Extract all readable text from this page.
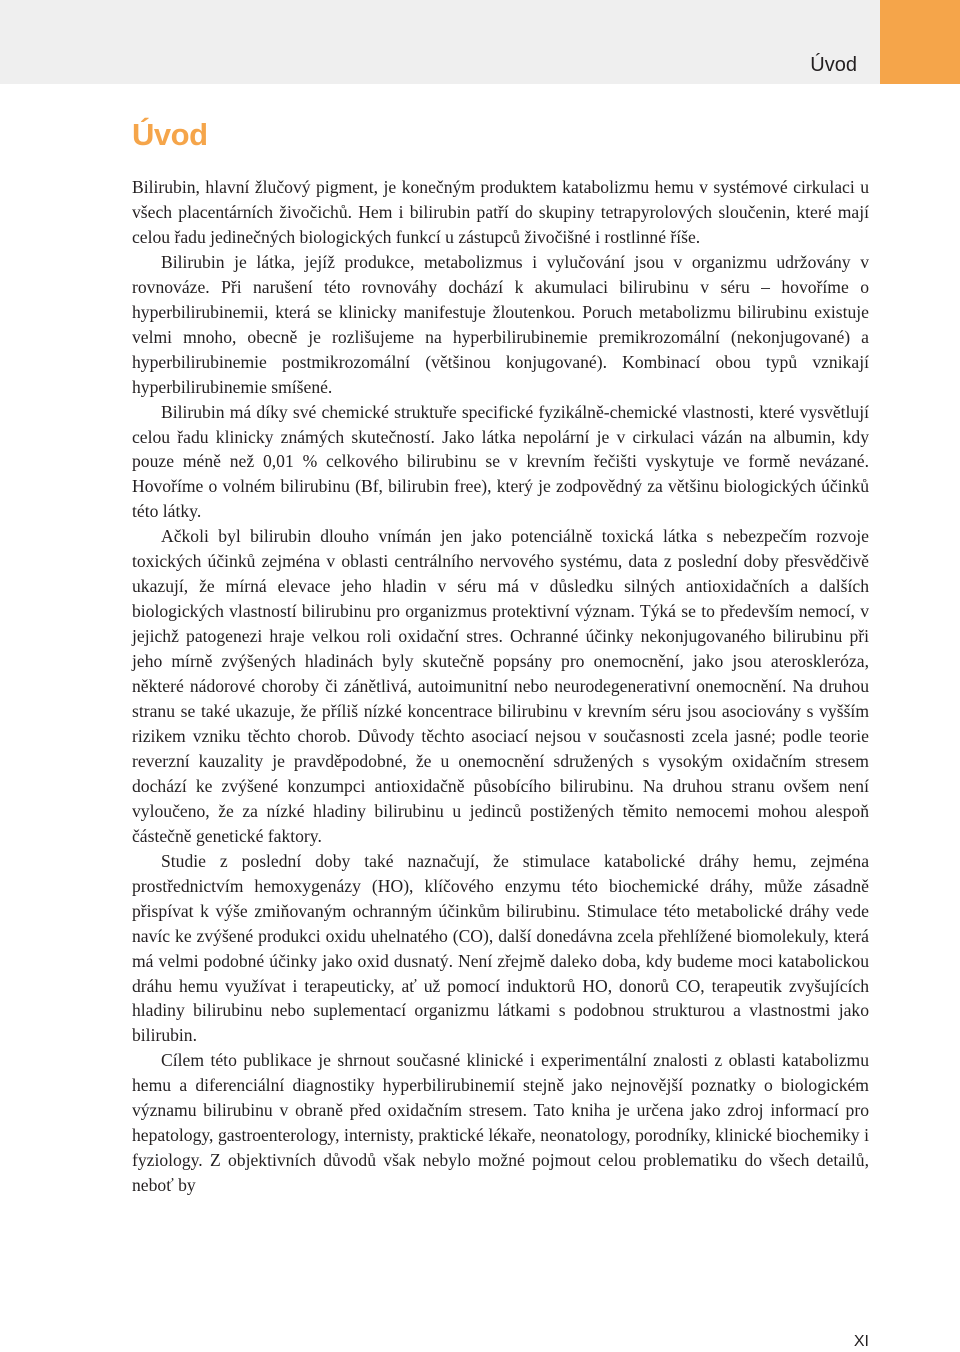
Úvod
Úvod

Bilirubin, hlavní žlučový pigment, je konečným produktem katabolizmu hemu v systémové cirkulaci u všech placentárních živočichů. Hem i bilirubin patří do skupiny tetrapyrolových sloučenin, které mají celou řadu jedinečných biologických funkcí u zástupců živočišné i rostlinné říše.

Bilirubin je látka, jejíž produkce, metabolizmus i vylučování jsou v organizmu udržovány v rovnováze. Při narušení této rovnováhy dochází k akumulaci bilirubinu v séru – hovoříme o hyperbilirubinemii, která se klinicky manifestuje žloutenkou. Poruch metabolizmu bilirubinu existuje velmi mnoho, obecně je rozlišujeme na hyperbilirubinemie premikrozomální (nekonjugované) a hyperbilirubinemie postmikrozomální (většinou konjugované). Kombinací obou typů vznikají hyperbilirubinemie smíšené.

Bilirubin má díky své chemické struktuře specifické fyzikálně-chemické vlastnosti, které vysvětlují celou řadu klinicky známých skutečností. Jako látka nepolární je v cirkulaci vázán na albumin, kdy pouze méně než 0,01 % celkového bilirubinu se v krevním řečišti vyskytuje ve formě nevázané. Hovoříme o volném bilirubinu (Bf, bilirubin free), který je zodpovědný za většinu biologických účinků této látky.

Ačkoli byl bilirubin dlouho vnímán jen jako potenciálně toxická látka s nebezpečím rozvoje toxických účinků zejména v oblasti centrálního nervového systému, data z poslední doby přesvědčivě ukazují, že mírná elevace jeho hladin v séru má v důsledku silných antioxidačních a dalších biologických vlastností bilirubinu pro organizmus protektivní význam. Týká se to především nemocí, v jejichž patogenezi hraje velkou roli oxidační stres. Ochranné účinky nekonjugovaného bilirubinu při jeho mírně zvýšených hladinách byly skutečně popsány pro onemocnění, jako jsou ateroskleróza, některé nádorové choroby či zánětlivá, autoimunitní nebo neurodegenerativní onemocnění. Na druhou stranu se také ukazuje, že příliš nízké koncentrace bilirubinu v krevním séru jsou asociovány s vyšším rizikem vzniku těchto chorob. Důvody těchto asociací nejsou v současnosti zcela jasné; podle teorie reverzní kauzality je pravděpodobné, že u onemocnění sdružených s vysokým oxidačním stresem dochází ke zvýšené konzumpci antioxidačně působícího bilirubinu. Na druhou stranu ovšem není vyloučeno, že za nízké hladiny bilirubinu u jedinců postižených těmito nemocemi mohou alespoň částečně genetické faktory.

Studie z poslední doby také naznačují, že stimulace katabolické dráhy hemu, zejména prostřednictvím hemoxygenázy (HO), klíčového enzymu této biochemické dráhy, může zásadně přispívat k výše zmiňovaným ochranným účinkům bilirubinu. Stimulace této metabolické dráhy vede navíc ke zvýšené produkci oxidu uhelnatého (CO), další donedávna zcela přehlížené biomolekuly, která má velmi podobné účinky jako oxid dusnatý. Není zřejmě daleko doba, kdy budeme moci katabolickou dráhu hemu využívat i terapeuticky, ať už pomocí induktorů HO, donorů CO, terapeutik zvyšujících hladiny bilirubinu nebo suplementací organizmu látkami s podobnou strukturou a vlastnostmi jako bilirubin.

Cílem této publikace je shrnout současné klinické i experimentální znalosti z oblasti katabolizmu hemu a diferenciální diagnostiky hyperbilirubinemií stejně jako nejnovější poznatky o biologickém významu bilirubinu v obraně před oxidačním stresem. Tato kniha je určena jako zdroj informací pro hepatology, gastroenterology, internisty, praktické lékaře, neonatology, porodníky, klinické biochemiky i fyziology. Z objektivních důvodů však nebylo možné pojmout celou problematiku do všech detailů, neboť by

XI
